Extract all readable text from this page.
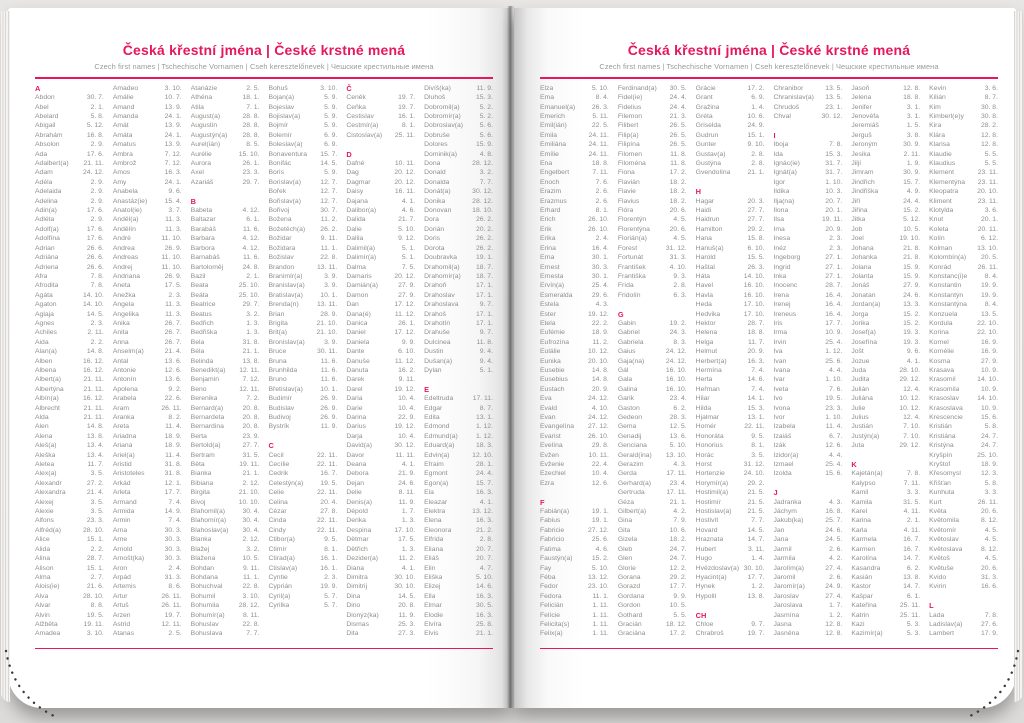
Česká křestní jména | České krstné mená
Czech first names | Tschechische Vornamen | Cseh keresztelőnevek | Чешские крестильные имена
A
Abdon	30. 7.
Ábel	2. 1.
Abelard	5. 8.
Abigail	5. 12.
Abrahám	16. 8.
Absolon	2. 9.
Ada	17. 6.
Adalbert(a) 21. 11.
Adam	24. 12.
Adéla	2. 9.
Adelaida	2. 9.
Adelina	2. 9.
Adin(a)	17. 6.
Adléta	2. 9.
Adolf(a)	17. 6.
Adolfína	17. 6.
Adrian	26. 6.
Adriána	26. 6.
Adriena	26. 6.
Afra	7. 8.
Afrodita	7. 8.
Agáta	14. 10.
Agaton	14. 10.
Aglaja	14. 5.
Agnes	2. 3.
Achiles	2. 11.
Aida	2. 2.
Alan(a)	14. 8.
Alben	16. 12.
Albena	16. 12.
Albert(a)	21. 11.
Albertýna	21. 11.
Albín(a)	16. 12.
Albrecht	21. 11.
Alda	21. 11.
Alen	14. 8.
Alena	13. 8.
Aleš(a)	13. 4.
Aleška	13. 4.
Aletea	11. 7.
Alex(a)	3. 5.
Alexandr	27. 2.
Alexandra	21. 4.
Alexej	3. 5.
Alexie	3. 5.
Alfons	23. 3.
Alfréd(a)	28. 10.
Alice	15. 1.
Alida	2. 2.
Alina	28. 7.
Alison	15. 1.
Alma	2. 7.
Alois(ie)	21. 6.
Alva	28. 10.
Alvar	8. 8.
Alvin	19. 5.
Alžběta	19. 11.
Amadea	3. 10.
Amadeo	3. 10.
Amálie	10. 7.
Amand	13. 9.
Amanda	24. 1.
Amát	13. 9.
Amáta	24. 1.
Amatus	13. 9.
Ambra	7. 12.
Ambrož	7. 12.
Ámos	16. 3.
Amy	24. 1.
Anabela	9. 6.
Anastáz(ie)	15. 4.
Anatol(ie)	3. 7.
Anděl(a)	11. 3.
Andělín	11. 3.
André	11. 10.
Andrea	26. 9.
Andreas	11. 10.
Andrej	11. 10.
Andriana	26. 9.
Aneta	17. 5.
Anežka	2. 3.
Angela	11. 3.
Angelika	11. 3.
Anika	26. 7.
Anita	26. 7.
Anna	26. 7.
Anselm(a)	21. 4.
Antal	13. 6.
Antonie	12. 6.
Antonín	13. 6.
Apolena	9. 2.
Arabela	22. 6.
Aram	26. 11.
Aranka	8. 2.
Areta	11. 4.
Ariadna	18. 9.
Ariana	18. 9.
Ariel(a)	11. 4.
Aristid	31. 8.
Aristoteles	31. 8.
Arkád	12. 1.
Arleta	17. 7.
Armand	7. 4.
Armida	14. 9.
Armin	7. 4.
Arna	30. 3.
Arne	30. 3.
Arnold	30. 3.
Arnošt(ka)	30. 3.
Áron	2. 4.
Arpád	31. 3.
Artemis	8. 6.
Artur	26. 11.
Artuš	26. 11.
Arzen	19. 7.
Astrid	12. 11.
Atanas	2. 5.
Atanázie	2. 5.
Athéna	18. 1.
Atila	7. 1.
August(a)	28. 8.
Augustin	28. 8.
Augustýn(a) 28. 8.
Aurel(ián)	8. 5.
Aurélie	15. 10.
Aurora	26. 1.
Axel	23. 3.
Azariáš	29. 7.
B
Babeta	4. 12.
Baltazar	6. 1.
Barabáš	11. 6.
Barbara	4. 12.
Barbora	4. 12.
Barnabáš	11. 6.
Bartoloměj	24. 8.
Bazil	2. 1.
Beata	25. 10.
Beáta	25. 10.
Beatrice	29. 7.
Beatus	3. 2.
Bedřich	1. 3.
Bedřiška	1. 3.
Bela	31. 8.
Béla	21. 1.
Belinda	13. 8.
Benedikt(a) 12. 11.
Benjamin	7. 12.
Beno	12. 11.
Berenika	7. 2.
Bernard(a)	20. 8.
Bernardeta	20. 8.
Bernardina	20. 8.
Berta	23. 9.
Bertold(a)	27. 7.
Bertram	31. 5.
Běta	19. 11.
Bianka	21. 1.
Bibiana	2. 12.
Birgita	21. 10.
Bivoj	10. 10.
Blahomil(a)	30. 4.
Blahomír(a) 30. 4.
Blahoslav(a) 30. 4.
Blanka	2. 12.
Blažej	3. 2.
Blažena	10. 5.
Bohdan	9. 11.
Bohdana	11. 1.
Bohuchval	22. 8.
Bohumil	3. 10.
Bohumila	28. 12.
Bohumír(a)	8. 11.
Bohuslav	22. 8.
Bohuslava	7. 7.
Bohuš	3. 10.
Bojan(a)	5. 9.
Bojeslav	5. 9.
Bojislav(a)	5. 9.
Bojmír	5. 9.
Bolemír	6. 9.
Boleslav(a)	6. 9.
Bonaventura 15. 7.
Bonifác	14. 5.
Boris	5. 9.
Borislav(a)	12. 7.
Bořek	12. 7.
Bořislav(a)	12. 7.
Bořivoj	30. 7.
Božena	11. 2.
Božetěch(a) 26. 2.
Božidar	9. 11.
Božidara	11. 1.
Božislav	22. 8.
Brandon	13. 11.
Branimír(a)	3. 9.
Branislav(a)	3. 9.
Bratislav(a)	10. 1.
Brenda(n)	13. 11.
Brian	28. 9.
Brigita	21. 10.
Brit(a)	21. 10.
Bronislav(a)	3. 9.
Bruce	30. 11.
Bruna	11. 6.
Brunhilda	11. 6.
Bruno	11. 6.
Břetislav(a)	10. 1.
Budimír	26. 9.
Budislav	26. 9.
Budivoj	26. 9.
Bystrík	11. 9.
C
Cecil	22. 11.
Cecílie	22. 11.
Cedrik	16. 7.
Celestýn(a)	19. 5.
Celie	22. 11.
Celina	20. 4.
Cézar	27. 8.
Cinda	22. 11.
Cindy	22. 11.
Ctibor(a)	9. 5.
Ctimír	8. 1.
Ctirad(a)	16. 1.
Ctislav(a)	16. 1.
Cyntie	2. 3.
Cyprián	19. 9.
Cyril(a)	5. 7.
Cyrilka	5. 7.
Č
Čeněk	19. 7.
Čeňka	19. 7.
Čestislav	16. 1.
Čestmír(a)	8. 1.
Čistoslav(a) 25. 11.
D
Dafné	10. 11.
Dag	20. 12.
Dagmar	20. 12.
Daisy	16. 11.
Dajana	4. 1.
Dalibor(a)	4. 6.
Dalida	21. 7.
Dalie	5. 10.
Dalila	9. 12.
Dalimil(a)	5. 1.
Dalimír(a)	5. 1.
Dalma	7. 5.
Damaris	20. 12.
Damián(a)	27. 9.
Damon	27. 9.
Dan	17. 12.
Dana(é)	11. 12.
Danica	26. 1.
Daniel	17. 12.
Daniela	9. 9.
Dante	6. 10.
Danuše	11. 12.
Danuta	16. 2.
Darek	9. 11.
Darel	19. 12.
Daria	10. 4.
Darie	10. 4.
Darina	22. 9.
Darius	19. 12.
Darja	10. 4.
David(a)	30. 12.
Davor	11. 11.
Deana	4. 1.
Debora	21. 9.
Dejan	24. 6.
Delie	8. 11.
Denis(a)	11. 9.
Dépold	1. 7.
Derika	1. 3.
Despina	17. 10.
Dětmar	17. 5.
Dětřich	1. 3.
Dezider(a)	11. 2.
Diana	4. 1.
Dimitra	30. 10.
Dimitrij	30. 10.
Dina	14. 5.
Dino	20. 8.
Dionýz(ka)	11. 9.
Dismas	25. 3.
Dita	27. 3.
Divíš(ka)	11. 9.
Dluhoš	15. 3.
Dobromil(a)	5. 2.
Dobromír(a)	5. 2.
Dobroslav(a) 5. 6.
Dobruše	5. 6.
Dolores	15. 9.
Dominik(a)	4. 8.
Dona	28. 12.
Donald	3. 2.
Donalda	7. 7.
Donát(a)	30. 12.
Donika	28. 12.
Donovan	18. 10.
Dora	26. 2.
Dorián	20. 2.
Doris	26. 2.
Dorota	26. 2.
Doubravka	19. 1.
Drahomil(a) 18. 7.
Drahomír(a) 18. 7.
Drahoň	17. 1.
Drahoslav	17. 1.
Drahoslava	9. 7.
Drahoš	17. 1.
Drahotín	17. 1.
Drahuše	9. 7.
Dulcinea	11. 8.
Dustin	9. 4.
Dušan(a)	9. 4.
Dylan	5. 1.
E
Edeltruda	17. 11.
Edgar	8. 7.
Edita	13. 1.
Edmond	1. 12.
Edmund(a)	1. 12.
Eduard(a)	18. 3.
Edvin(a)	12. 10.
Efraim	28. 1.
Egmont	24. 4.
Egon(a)	15. 7.
Ela	16. 3.
Eleazar	4. 1.
Elektra	13. 12.
Elena	16. 3.
Eleonora	21. 2.
Elfrida	2. 8.
Eliana	20. 7.
Eliáš	20. 7.
Elin	4. 7.
Eliška	5. 10.
Elizej	14. 6.
Ella	16. 3.
Elmar	30. 5.
Elodie	16. 3.
Elvíra	25. 8.
Elvis	21. 1.
Česká křestní jména | České krstné mená
Czech first names | Tschechische Vornamen | Cseh keresztelőnevek | Чешские крестильные имена
Elza	5. 10.
Ema	8. 4.
Emanuel(a) 26. 3.
Emerich	5. 11.
Emil(ián)	22. 5.
Emila	24. 11.
Emiliána	24. 11.
Emílie	24. 11.
Ena	18. 8.
Engelbert	7. 11.
Enoch	7. 6.
Erazim	2. 6.
Erazmus	2. 6.
Erhard	8. 1.
Erich	26. 10.
Erik	26. 10.
Erika	2. 4.
Erina	16. 4.
Erna	30. 1.
Ernest	30. 3.
Ernesta	30. 1.
Ervín(a)	25. 4.
Esmeralda	29. 6.
Estela	4. 3.
Ester	19. 12.
Etela	22. 2.
Eufémie	18. 9.
Eufrozína	11. 2.
Eulálie	10. 12.
Eunika	20. 10.
Eusebie	14. 8.
Eusebius	14. 8.
Eustach	20. 9.
Eva	24. 12.
Evald	4. 10.
Evan	24. 12.
Evangelína 27. 12.
Evarist	26. 10.
Evelína	29. 8.
Evžen	10. 11.
Evženie	22. 4.
Ezechiel	10. 4.
Ezra	12. 6.
F
Fabián(a)	19. 1.
Fabius	19. 1.
Fabricie	27. 12.
Fabricio	25. 6.
Fatima	4. 6.
Faustýn(a)	15. 2.
Fay	5. 10.
Féba	13. 12.
Fedor	23. 10.
Fedora	11. 1.
Felicián	1. 11.
Felície	1. 11.
Felicita(s)	1. 11.
Felix(a)	1. 11.
Ferdinand(a) 30. 5.
Fidel(ie)	24. 4.
Fidelius	24. 4.
Filemon	21. 3.
Filibert	26. 5.
Filip(a)	26. 5.
Filipína	26. 5.
Filomen	11. 8.
Filoména	11. 8.
Fiona	17. 2.
Flavián	18. 2.
Flavie	18. 2.
Flavius	18. 2.
Flóra	20. 6.
Florentýn	4. 5.
Florentýna	20. 6.
Florián(a)	4. 5.
Forest	31. 12.
Fortunát	31. 3.
František	4. 10.
Františka	9. 3.
Frída	2. 8.
Fridolín	6. 3.
G
Gabin	19. 2.
Gabriel	24. 3.
Gabriela	8. 3.
Gaius	24. 12.
Gaja(na)	24. 12.
Gál	16. 10.
Gala	16. 10.
Galina	16. 10.
Garik	23. 4.
Gaston	6. 2.
Gedeon	28. 3.
Gema	12. 5.
Genadij	13. 6.
Genciana	5. 10.
Gerald(ina) 13. 10.
Gerazim	4. 3.
Gerda	17. 11.
Gerhard(a)	23. 4.
Gertruda	17. 11.
Géza	21. 1.
Gilbert(a)	4. 2.
Gina	7. 9.
Gita	10. 6.
Gizela	18. 2.
Gleb	24. 7.
Glen	24. 7.
Glorie	12. 2.
Gorana	29. 2.
Gorazd	17. 7.
Gordana	9. 9.
Gordon	10. 5.
Gothard	5. 5.
Gracián	18. 12.
Graciána	17. 2.
Grácie	17. 2.
Grant	6. 9.
Gražina	1. 4.
Gréta	10. 6.
Griselda	24. 9.
Gudrun	15. 1.
Gunter	9. 10.
Gustav(a)	2. 8.
Gustýna	2. 8.
Gvendolína	21. 1.
H
Hagar	20. 3.
Haidi	27. 7.
Haidrun	27. 7.
Hamilton	29. 2.
Hana	15. 8.
Hanuš(a)	6. 10.
Harold	15. 5.
Haštal	26. 3.
Háta	14. 10.
Havel	16. 10.
Havla	16. 10.
Heda	17. 10.
Hedvika	17. 10.
Hektor	28. 7.
Helena	18. 8.
Helga	11. 7.
Helmut	20. 9.
Herbert(a)	16. 3.
Hermína	7. 4.
Herta	14. 6.
Heřman	7. 4.
Hilar	14. 1.
Hilda	15. 3.
Hjalmar	13. 1.
Homér	22. 11.
Honoráta	9. 5.
Honorius	8. 1.
Horác	3. 5.
Horst	31. 12.
Hortenzie	24. 10.
Horymír(a)	29. 2.
Hostimil(a)	21. 5.
Hostimír	21. 5.
Hostislav(a) 21. 5.
Hostivít	7. 7.
Hovard	14. 5.
Hraznata	14. 7.
Hubert	3. 11.
Hugo	1. 4.
Hvězdoslav(a) 30. 10.
Hyacint(a)	17. 7.
Hynek	1. 2.
Hypolit	13. 8.
CH
Chloe	9. 7.
Chrabroš	19. 7.
Chranibor	13. 5.
Chranislav(a) 13. 5.
Chrudoš	23. 1.
Chval	30. 12.
I
Iboja	7. 8.
Ida	15. 3.
Ignác(ie)	31. 7.
Ignát(a)	31. 7.
Igor	1. 10.
Ildika	10. 3.
Ilja(na)	20. 7.
Ilona	20. 1.
Ilsa	19. 11.
Ima	20. 9.
Inesa	2. 3.
Inéz	2. 3.
Ingeborg	27. 1.
Ingrid	27. 1.
Inka	27. 1.
Inocenc	28. 7.
Irena	16. 4.
Irenej	16. 4.
Ireneus	16. 4.
Iris	17. 7.
Irma	10. 9.
Irvin	25. 4.
Iva	1. 12.
Ivan	25. 6.
Ivana	4. 4.
Ivar	1. 10.
Iveta	7. 6.
Ivo	19. 5.
Ivona	23. 3.
Ivor	1. 10.
Izabela	11. 4.
Izaiáš	6. 7.
Izák	12. 6.
Izidor(a)	4. 4.
Izmael	25. 4.
Izolda	15. 6.
J
Jadranka	4. 3.
Jáchym	16. 8.
Jakub(ka)	25. 7.
Jan	24. 6.
Jana	24. 5.
Jarmil	2. 6.
Jarmila	4. 2.
Jarolím(a)	27. 4.
Jaromil	2. 6.
Jaromír(a)	24. 9.
Jaroslav	27. 4.
Jaroslava	1. 7.
Jasmína	1. 2.
Jasna	12. 8.
Jasněna	12. 8.
Jasoň	12. 8.
Jelena	18. 8.
Jenifer	3. 1.
Jenovéfa	3. 1.
Jeremiáš	1. 5.
Jerguš	3. 8.
Jeroným	30. 9.
Jesika	2. 11.
Jiljí	1. 9.
Jimram	30. 9.
Jindřich	15. 7.
Jindřiška	4. 9.
Jiří	24. 4.
Jiřina	15. 2.
Jitka	5. 12.
Job	10. 5.
Joel	19. 10.
Johana	21. 8.
Johanka	21. 8.
Jolana	15. 9.
Jolanta	15. 9.
Jonáš	27. 9.
Jonatan	24. 6.
Jordan(a)	13. 3.
Jorga	15. 2.
Jorika	15. 2.
Josef(a)	19. 3.
Josefína	19. 3.
Jošt	9. 6.
Jozue	4. 1.
Juda	28. 10.
Judita	29. 12.
Julián	12. 4.
Juliána	10. 12.
Julie	10. 12.
Julius	12. 4.
Justián	7. 10.
Justýn(a)	7. 10.
Juta	29. 12.
K
Kajetán(a)	7. 8.
Kalypso	7. 11.
Kamil	3. 3.
Kamila	31. 5.
Karel	4. 11.
Karina	2. 1.
Karla	4. 11.
Karmela	16. 7.
Karmen	16. 7.
Karolína	14. 7.
Kasandra	6. 2.
Kasián	13. 8.
Kastor	14. 7.
Kašpar	6. 1.
Kateřina	25. 11.
Katrin	25. 11.
Kazi	5. 3.
Kazimír(a)	5. 3.
Kevin	3. 6.
Kilián	8. 7.
Kim	30. 8.
Kimberl(e)y	30. 8.
Kira	28. 2.
Klára	12. 8.
Klarisa	12. 8.
Klaudie	5. 5.
Klaudius	5. 5.
Klement	23. 11.
Klementýna 23. 11.
Kleopatra	20. 10.
Kliment	23. 11.
Klotylda	3. 6.
Knut	20. 1.
Koleta	20. 11.
Kolín	6. 12.
Kolman	13. 10.
Kolombín(a) 20. 5.
Konrád	26. 11.
Konstanc(i)e	8. 4.
Konstantin	19. 9.
Konstantýn	19. 9.
Konstantýna	8. 4.
Konzuela	13. 5.
Kordula	22. 10.
Korina	22. 10.
Kornel	16. 9.
Kornélie	16. 9.
Kosma	27. 9.
Krasava	10. 9.
Krasomil	14. 10.
Krasomila	10. 9.
Krasoslav	14. 10.
Krasoslava	10. 9.
Krescencie	15. 6.
Kristián	5. 8.
Kristiána	24. 7.
Kristýna	24. 7.
Kryšpín	25. 10.
Kryštof	18. 9.
Křesomysl	12. 3.
Křišťan	5. 8.
Kunhuta	3. 3.
Kurt	26. 11.
Květa	20. 6.
Květomila	8. 12.
Květomír	4. 5.
Květoslav	4. 5.
Květoslava	8. 12.
Květoš	4. 5.
Květuše	20. 6.
Kvido	31. 3.
Kvirin	16. 6.
L
Lada	7. 8.
Ladislav(a)	27. 6.
Lambert	17. 9.
